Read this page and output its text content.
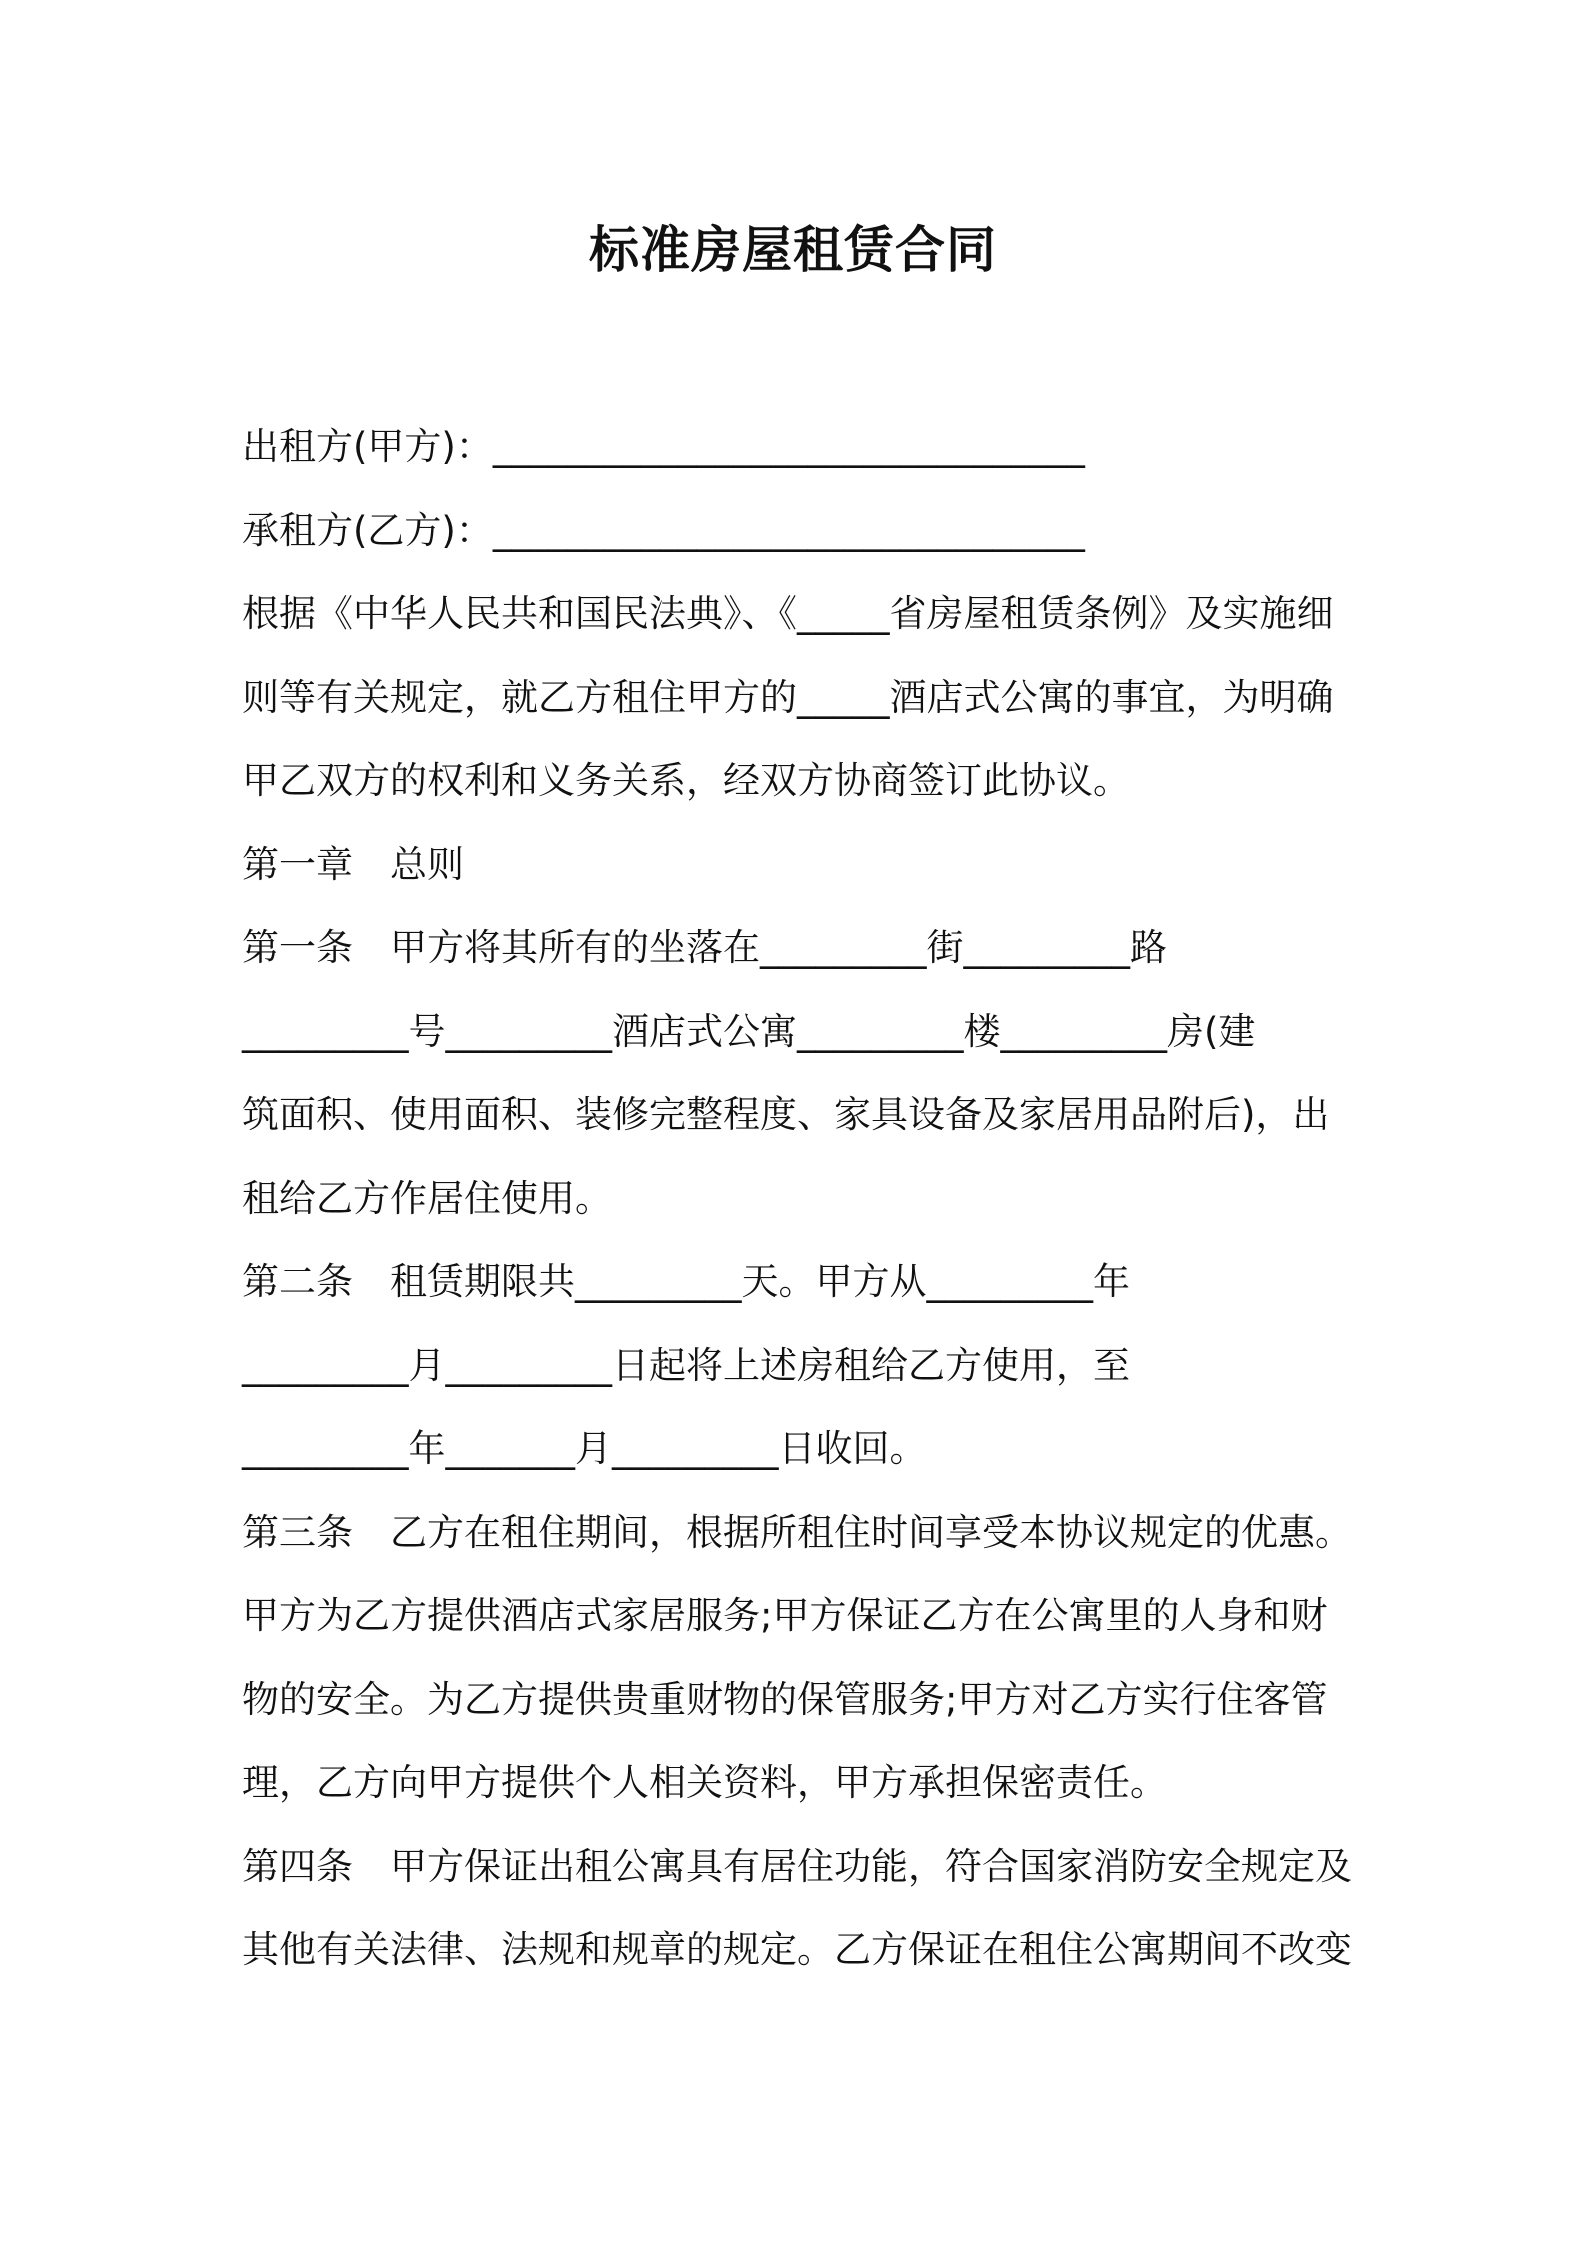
标准房屋租赁合同
出租方(甲方)：________________________________
承租方(乙方)：________________________________
根据《中华人民共和国民法典》、《_____省房屋租赁条例》及实施细
则等有关规定，就乙方租住甲方的_____酒店式公寓的事宜，为明确
甲乙双方的权利和义务关系，经双方协商签订此协议。
第一章　总则
第一条　甲方将其所有的坐落在_________街_________路
_________号_________酒店式公寓_________楼_________房(建
筑面积、使用面积、装修完整程度、家具设备及家居用品附后)，出
租给乙方作居住使用。
第二条　租赁期限共_________天。甲方从_________年
_________月_________日起将上述房租给乙方使用，至
_________年_______月_________日收回。
第三条　乙方在租住期间，根据所租住时间享受本协议规定的优惠。
甲方为乙方提供酒店式家居服务;甲方保证乙方在公寓里的人身和财
物的安全。为乙方提供贵重财物的保管服务;甲方对乙方实行住客管
理，乙方向甲方提供个人相关资料，甲方承担保密责任。
第四条　甲方保证出租公寓具有居住功能，符合国家消防安全规定及
其他有关法律、法规和规章的规定。乙方保证在租住公寓期间不改变
